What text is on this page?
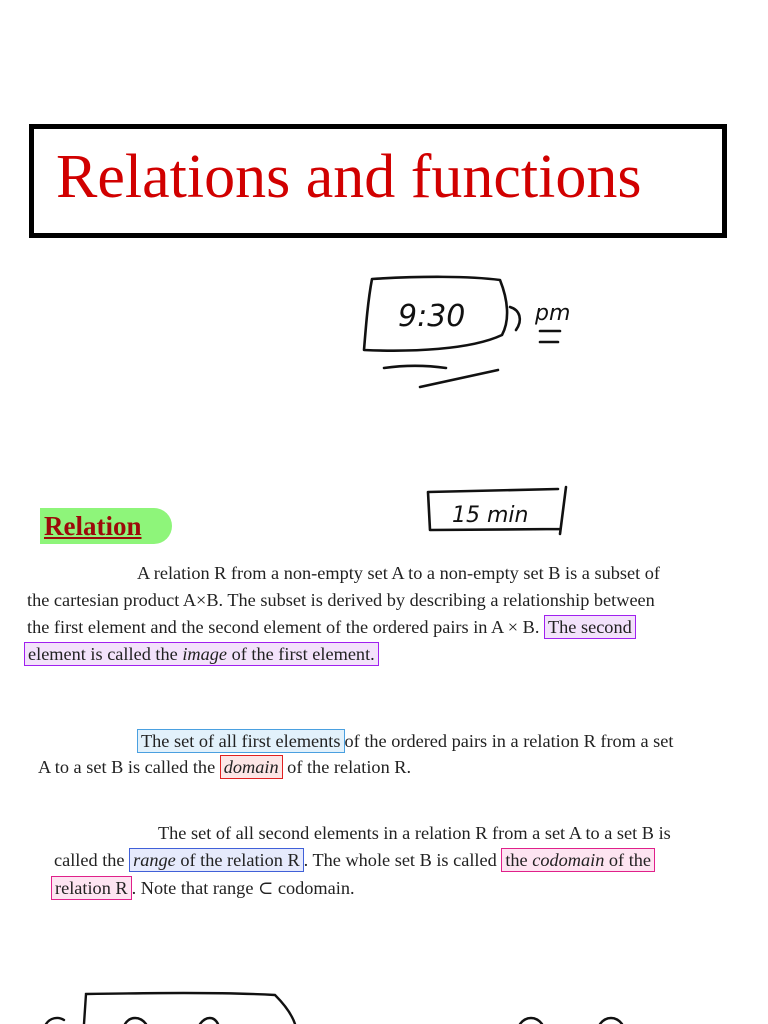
Relations and functions
9:30	pm
15 min
Relation
A relation R from a non-empty set A to a non-empty set B is a subset of
the cartesian product A×B. The subset is derived by describing a relationship between
the first element and the second element of the ordered pairs in A × B. The second
element is called the image of the first element.
The set of all first elements of the ordered pairs in a relation R from a set
A to a set B is called the domain of the relation R.
The set of all second elements in a relation R from a set A to a set B is
called the range of the relation R . The whole set B is called the codomain of the
relation R . Note that range ⊂ codomain.
